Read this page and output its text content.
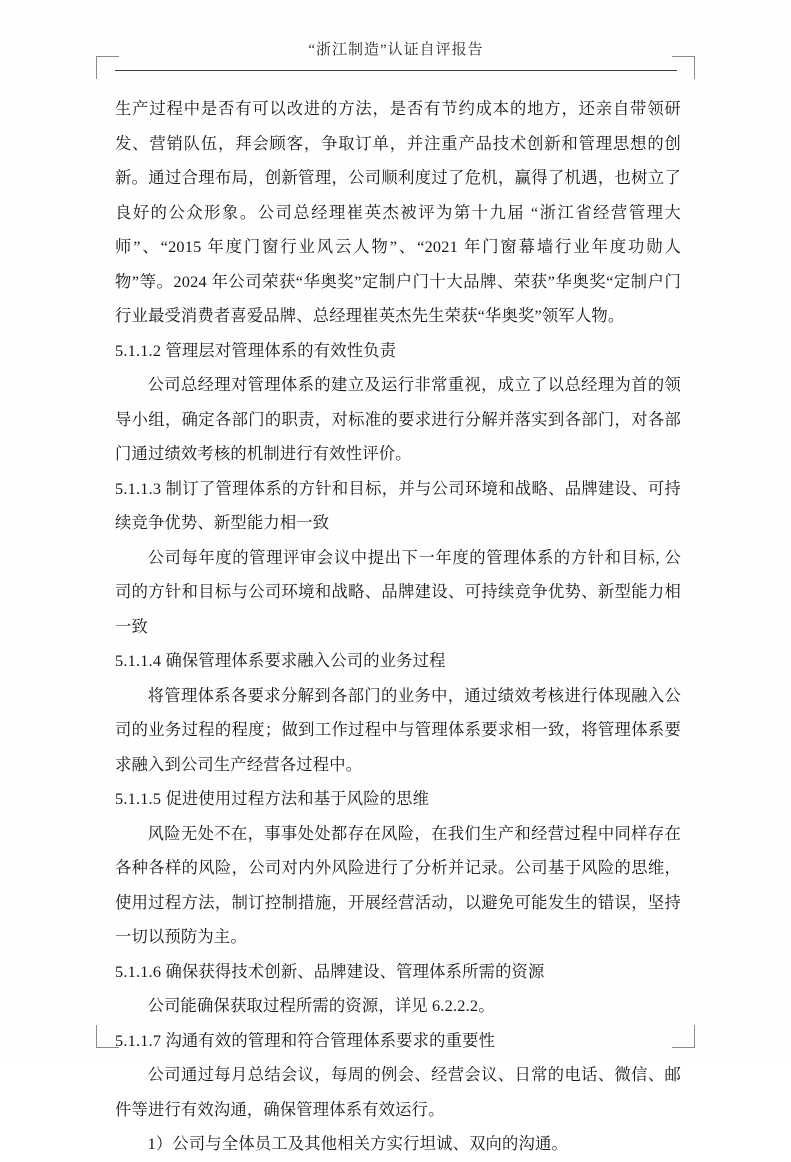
“浙江制造”认证自评报告

生产过程中是否有可以改进的方法，是否有节约成本的地方，还亲自带领研发、营销队伍，拜会顾客，争取订单，并注重产品技术创新和管理思想的创新。通过合理布局，创新管理，公司顺利度过了危机，赢得了机遇，也树立了良好的公众形象。公司总经理崔英杰被评为第十九届 “浙江省经营管理大师”、“2015 年度门窗行业风云人物”、“2021 年门窗幕墙行业年度功勋人物”等。2024 年公司荣获“华奥奖”定制户门十大品牌、荣获”华奥奖“定制户门行业最受消费者喜爱品牌、总经理崔英杰先生荣获“华奥奖”领军人物。

5.1.1.2 管理层对管理体系的有效性负责

公司总经理对管理体系的建立及运行非常重视，成立了以总经理为首的领导小组，确定各部门的职责，对标准的要求进行分解并落实到各部门，对各部门通过绩效考核的机制进行有效性评价。

5.1.1.3 制订了管理体系的方针和目标，并与公司环境和战略、品牌建设、可持续竞争优势、新型能力相一致

公司每年度的管理评审会议中提出下一年度的管理体系的方针和目标, 公司的方针和目标与公司环境和战略、品牌建设、可持续竞争优势、新型能力相一致

5.1.1.4 确保管理体系要求融入公司的业务过程

将管理体系各要求分解到各部门的业务中，通过绩效考核进行体现融入公司的业务过程的程度；做到工作过程中与管理体系要求相一致，将管理体系要求融入到公司生产经营各过程中。

5.1.1.5 促进使用过程方法和基于风险的思维

风险无处不在，事事处处都存在风险，在我们生产和经营过程中同样存在各种各样的风险，公司对内外风险进行了分析并记录。公司基于风险的思维，使用过程方法，制订控制措施，开展经营活动，以避免可能发生的错误，坚持一切以预防为主。

5.1.1.6 确保获得技术创新、品牌建设、管理体系所需的资源

公司能确保获取过程所需的资源，详见 6.2.2.2。

5.1.1.7 沟通有效的管理和符合管理体系要求的重要性

公司通过每月总结会议，每周的例会、经营会议、日常的电话、微信、邮件等进行有效沟通，确保管理体系有效运行。

1）公司与全体员工及其他相关方实行坦诚、双向的沟通。
